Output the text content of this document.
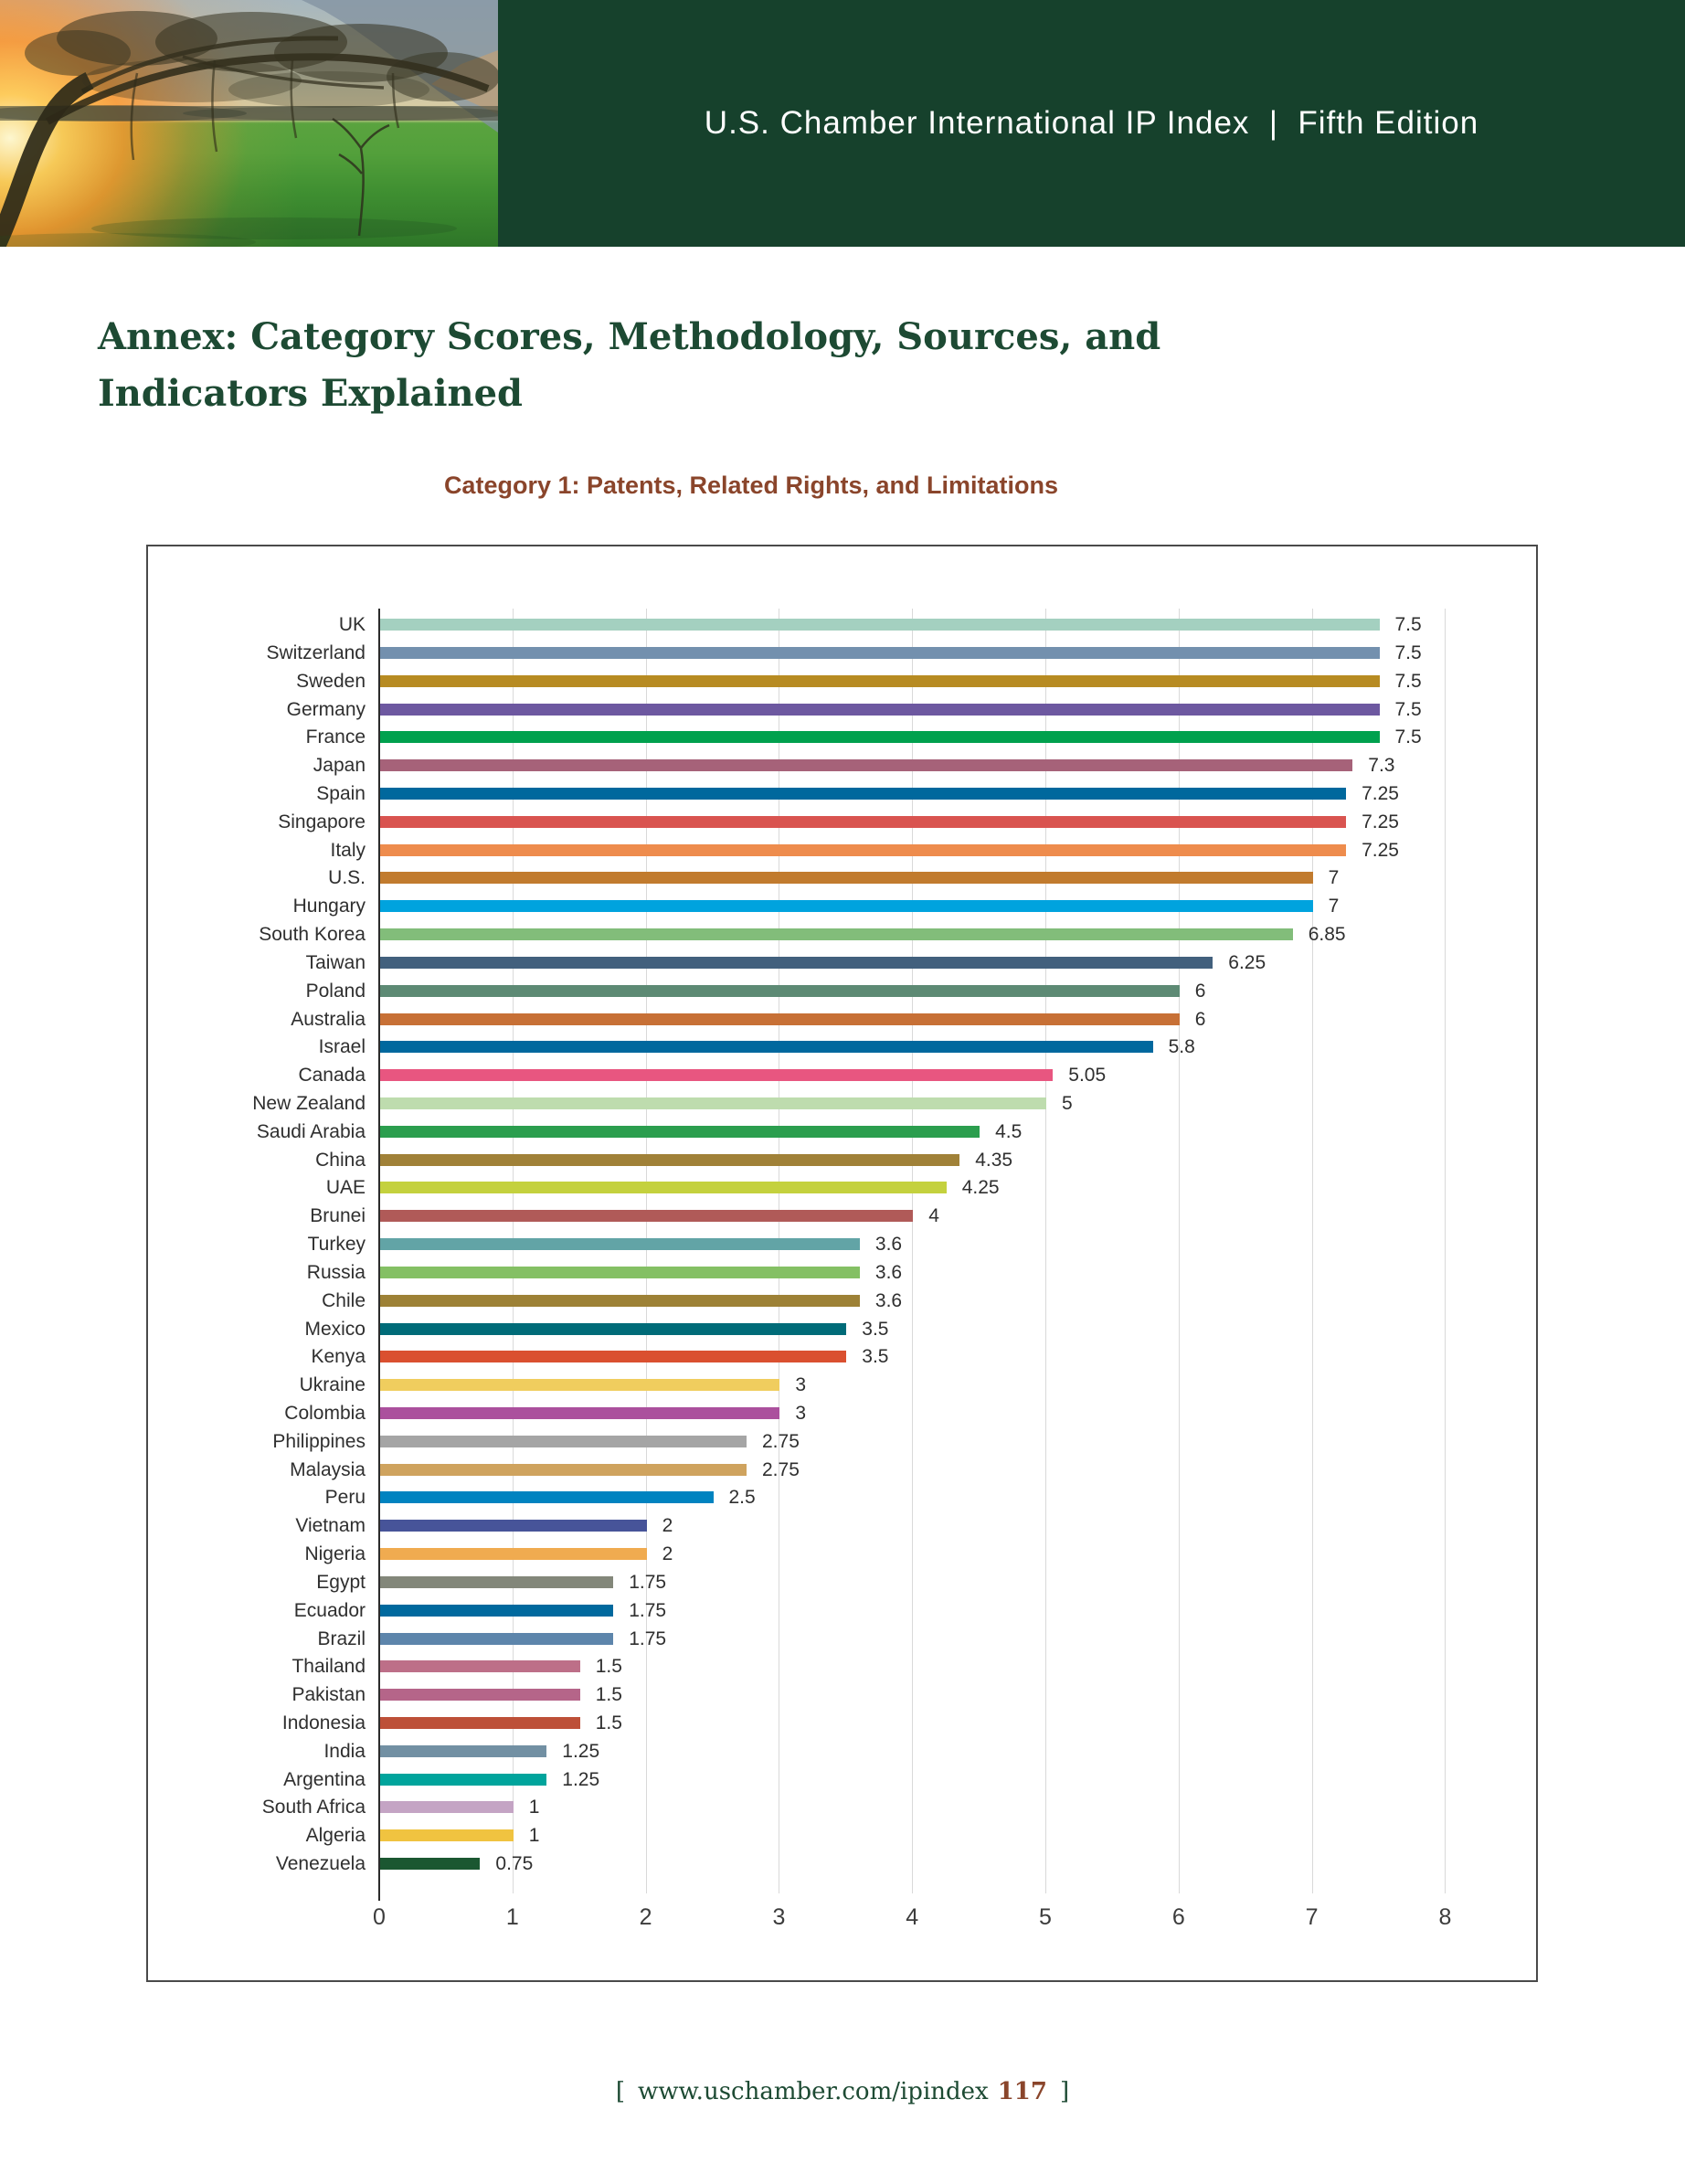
U.S. Chamber International IP Index  |  Fifth Edition
Annex: Category Scores, Methodology, Sources, and Indicators Explained
Category 1: Patents, Related Rights, and Limitations
UK	7.5
Switzerland	7.5
Sweden	7.5
Germany	7.5
France	7.5
Japan	7.3
Spain	7.25
Singapore	7.25
Italy	7.25
U.S.	7
Hungary	7
South Korea	6.85
Taiwan	6.25
Poland	6
Australia	6
Israel	5.8
Canada	5.05
New Zealand	5
Saudi Arabia	4.5
China	4.35
UAE	4.25
Brunei	4
Turkey	3.6
Russia	3.6
Chile	3.6
Mexico	3.5
Kenya	3.5
Ukraine	3
Colombia	3
Philippines	2.75
Malaysia	2.75
Peru	2.5
Vietnam	2
Nigeria	2
Egypt	1.75
Ecuador	1.75
Brazil	1.75
Thailand	1.5
Pakistan	1.5
Indonesia	1.5
India	1.25
Argentina	1.25
South Africa	1
Algeria	1
Venezuela	0.75
0	1	2	3	4	5	6	7	8
[ www.uschamber.com/ipindex 117 ]
